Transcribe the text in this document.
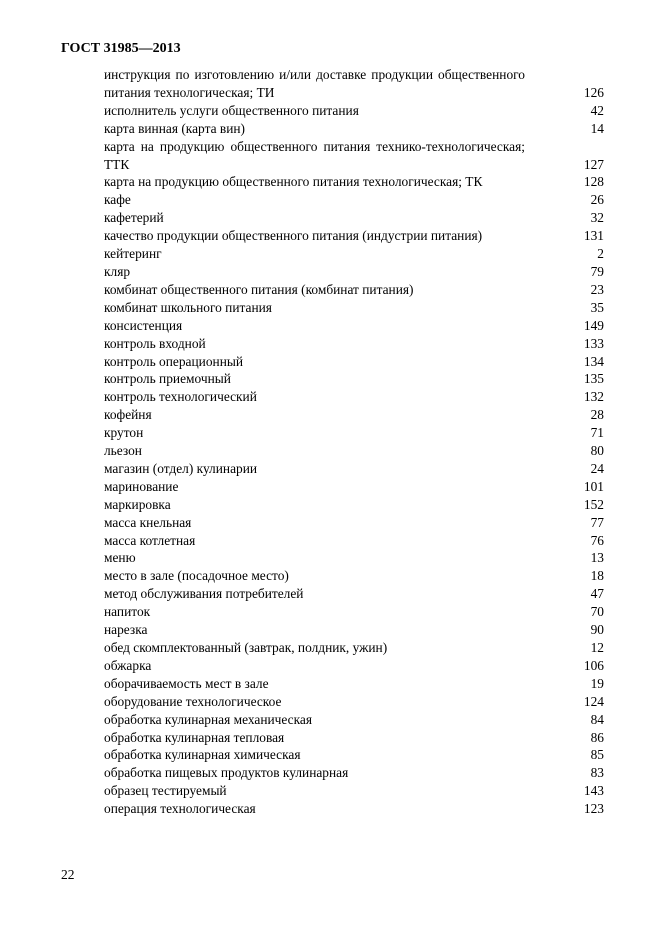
ГОСТ 31985—2013
инструкция по изготовлению и/или доставке продукции общественного питания технологическая; ТИ	126
исполнитель услуги общественного питания	42
карта винная (карта вин)	14
карта на продукцию общественного питания технико-технологическая; ТТК	127
карта на продукцию общественного питания технологическая; ТК	128
кафе	26
кафетерий	32
качество продукции общественного питания (индустрии питания)	131
кейтеринг	2
кляр	79
комбинат общественного питания (комбинат питания)	23
комбинат школьного питания	35
консистенция	149
контроль входной	133
контроль операционный	134
контроль приемочный	135
контроль технологический	132
кофейня	28
крутон	71
льезон	80
магазин (отдел) кулинарии	24
маринование	101
маркировка	152
масса кнельная	77
масса котлетная	76
меню	13
место в зале (посадочное место)	18
метод обслуживания потребителей	47
напиток	70
нарезка	90
обед скомплектованный (завтрак, полдник, ужин)	12
обжарка	106
оборачиваемость мест в зале	19
оборудование технологическое	124
обработка кулинарная механическая	84
обработка кулинарная тепловая	86
обработка кулинарная химическая	85
обработка пищевых продуктов кулинарная	83
образец тестируемый	143
операция технологическая	123
22
